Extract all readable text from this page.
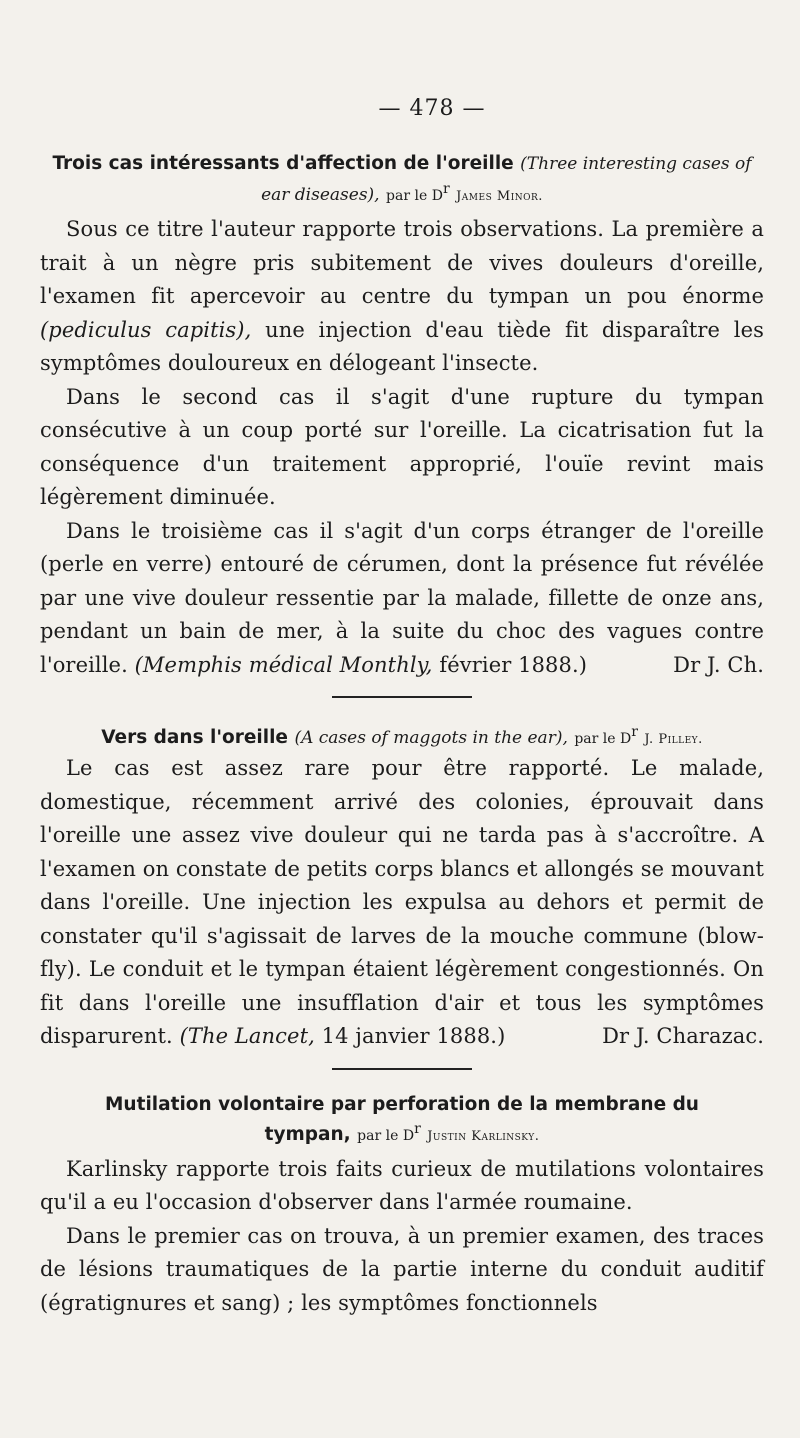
— 478 —

Trois cas intéressants d'affection de l'oreille (Three interesting cases of ear diseases), par le $D^r$ James Minor.

Sous ce titre l'auteur rapporte trois observations. La première a trait à un nègre pris subitement de vives douleurs d'oreille, l'examen fit apercevoir au centre du tympan un pou énorme (pediculus capitis), une injection d'eau tiède fit disparaître les symptômes douloureux en délogeant l'insecte.

Dans le second cas il s'agit d'une rupture du tympan consécutive à un coup porté sur l'oreille. La cicatrisation fut la conséquence d'un traitement approprié, l'ouïe revint mais légèrement diminuée.

Dans le troisième cas il s'agit d'un corps étranger de l'oreille (perle en verre) entouré de cérumen, dont la présence fut révélée par une vive douleur ressentie par la malade, fillette de onze ans, pendant un bain de mer, à la suite du choc des vagues contre l'oreille. (Memphis médical Monthly, février 1888.)	Dr J. Ch.

Vers dans l'oreille (A cases of maggots in the ear), par le $D^r$ J. Pilley.

Le cas est assez rare pour être rapporté. Le malade, domestique, récemment arrivé des colonies, éprouvait dans l'oreille une assez vive douleur qui ne tarda pas à s'accroître. A l'examen on constate de petits corps blancs et allongés se mouvant dans l'oreille. Une injection les expulsa au dehors et permit de constater qu'il s'agissait de larves de la mouche commune (blow-fly). Le conduit et le tympan étaient légèrement congestionnés. On fit dans l'oreille une insufflation d'air et tous les symptômes disparurent. (The Lancet, 14 janvier 1888.)	Dr J. Charazac.

Mutilation volontaire par perforation de la membrane du
tympan, par le $D^r$ Justin Karlinsky.

Karlinsky rapporte trois faits curieux de mutilations volontaires qu'il a eu l'occasion d'observer dans l'armée roumaine.

Dans le premier cas on trouva, à un premier examen, des traces de lésions traumatiques de la partie interne du conduit auditif (égratignures et sang) ; les symptômes fonctionnels
